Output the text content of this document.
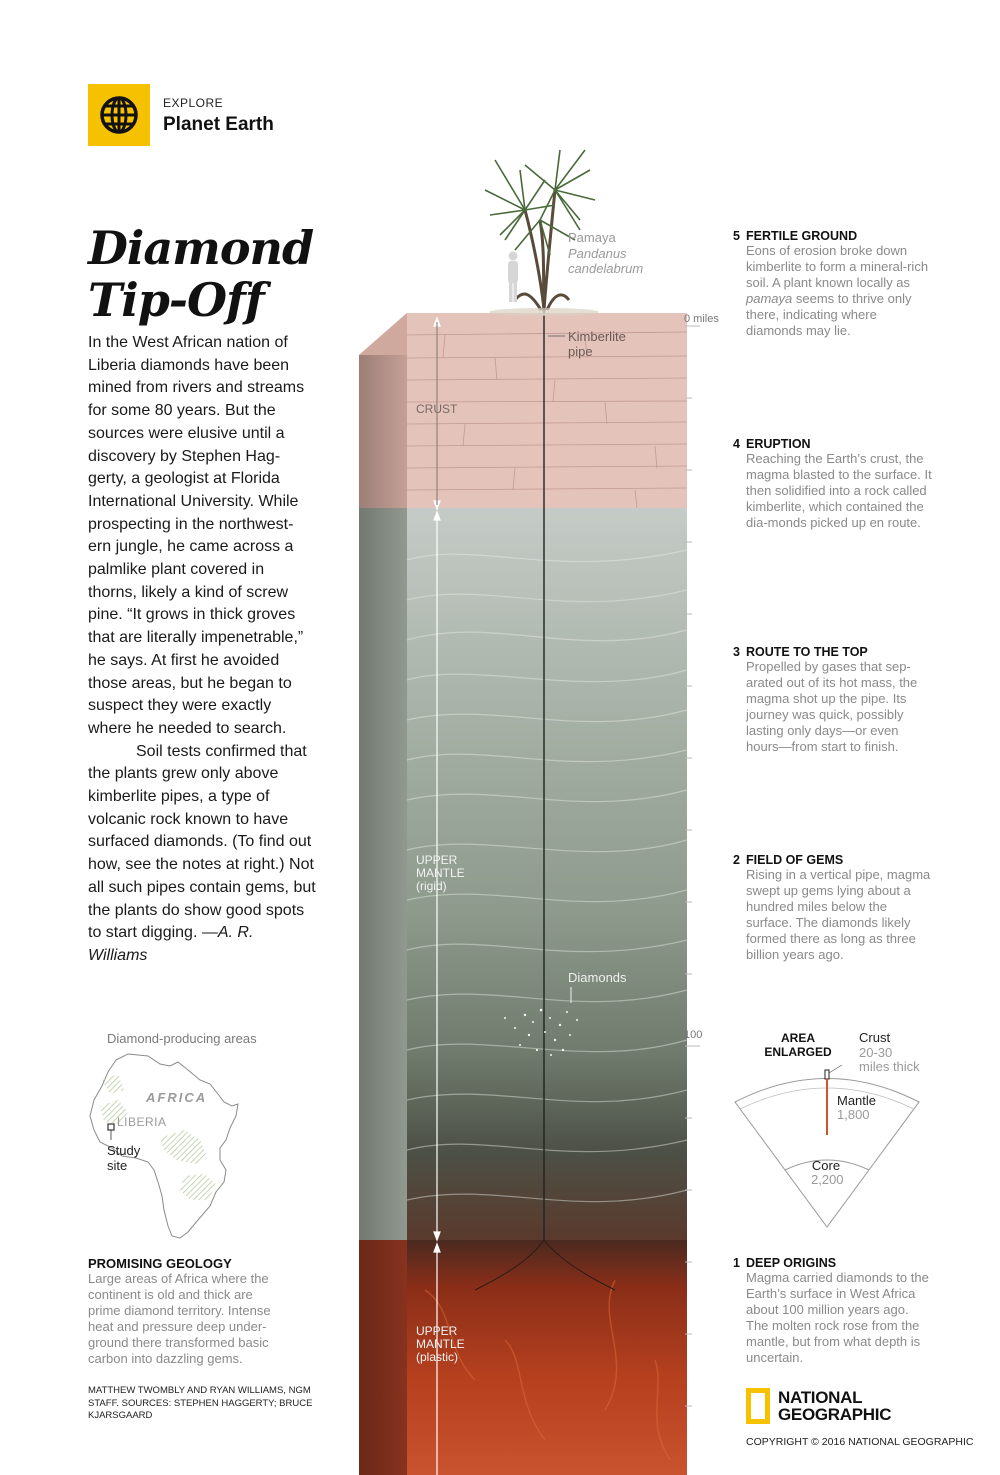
EXPLORE
Planet Earth
Diamond
Tip-Off

In the West African nation of Liberia diamonds have been mined from rivers and streams for some 80 years. But the sources were elusive until a discovery by Stephen Hag-gerty, a geologist at Florida International University. While prospecting in the northwest-ern jungle, he came across a palmlike plant covered in thorns, likely a kind of screw pine. “It grows in thick groves that are literally impenetrable,” he says. At first he avoided those areas, but he began to suspect they were exactly where he needed to search.

Soil tests confirmed that the plants grew only above kimberlite pipes, a type of volcanic rock known to have surfaced diamonds. (To find out how, see the notes at right.) Not all such pipes contain gems, but the plants do show good spots to start digging. —A. R. Williams

Diamond-producing areas
AFRICA
LIBERIA
Study site
PROMISING GEOLOGY
Large areas of Africa where the continent is old and thick are prime diamond territory. Intense heat and pressure deep under-ground there transformed basic carbon into dazzling gems.
MATTHEW TWOMBLY AND RYAN WILLIAMS, NGM STAFF. SOURCES: STEPHEN HAGGERTY; BRUCE KJARSGAARD
Pamaya
Pandanus
candelabrum
Kimberlite pipe
CRUST
UPPER
MANTLE
(rigid)
UPPER
MANTLE
(plastic)
Diamonds
0 miles
100
5 FERTILE GROUND
Eons of erosion broke down kimberlite to form a mineral-rich soil. A plant known locally as pamaya seems to thrive only there, indicating where diamonds may lie.
4 ERUPTION
Reaching the Earth’s crust, the magma blasted to the surface. It then solidified into a rock called kimberlite, which contained the dia-monds picked up en route.
3 ROUTE TO THE TOP
Propelled by gases that sep-arated out of its hot mass, the magma shot up the pipe. Its journey was quick, possibly lasting only days—or even hours—from start to finish.
2 FIELD OF GEMS
Rising in a vertical pipe, magma swept up gems lying about a hundred miles below the surface. The diamonds likely formed there as long as three billion years ago.
1 DEEP ORIGINS
Magma carried diamonds to the Earth’s surface in West Africa about 100 million years ago. The molten rock rose from the mantle, but from what depth is uncertain.
AREA
ENLARGED
Crust
20-30
miles thick
Mantle
1,800
Core
2,200
NATIONAL
GEOGRAPHIC
COPYRIGHT © 2016 NATIONAL GEOGRAPHIC
